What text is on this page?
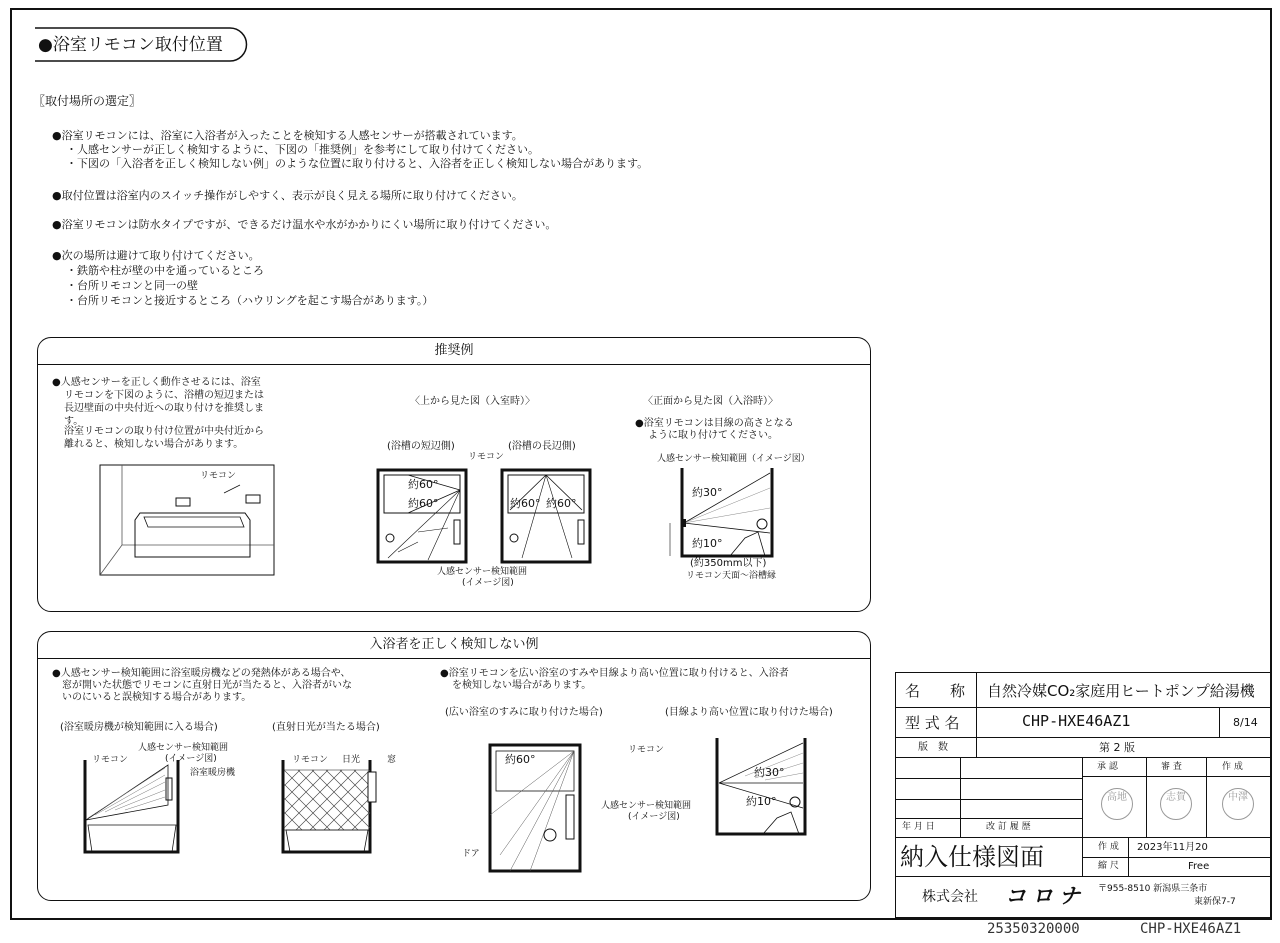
●浴室リモコン取付位置
〖取付場所の選定〗
●浴室リモコンには、浴室に入浴者が入ったことを検知する人感センサーが搭載されています。
・人感センサーが正しく検知するように、下図の「推奨例」を参考にして取り付けてください。
・下図の「入浴者を正しく検知しない例」のような位置に取り付けると、入浴者を正しく検知しない場合があります。
●取付位置は浴室内のスイッチ操作がしやすく、表示が良く見える場所に取り付けてください。
●浴室リモコンは防水タイプですが、できるだけ温水や水がかかりにくい場所に取り付けてください。
●次の場所は避けて取り付けてください。
・鉄筋や柱が壁の中を通っているところ
・台所リモコンと同一の壁
・台所リモコンと接近するところ（ハウリングを起こす場合があります。）
推奨例
●人感センサーを正しく動作させるには、浴室
リモコンを下図のように、浴槽の短辺または
長辺壁面の中央付近への取り付けを推奨しま
す。
浴室リモコンの取り付け位置が中央付近から
離れると、検知しない場合があります。
リモコン
〈上から見た図（入室時）〉
(浴槽の短辺側)	(浴槽の長辺側)
リモコン
約60°
約60°	約60° 約60°
人感センサー検知範囲
(イメージ図)
〈正面から見た図（入浴時）〉
●浴室リモコンは目線の高さとなる
ように取り付けてください。
人感センサー検知範囲（イメージ図）
約30°
約10°
(約350mm以下)
リモコン天面～浴槽縁
入浴者を正しく検知しない例
●人感センサー検知範囲に浴室暖房機などの発熱体がある場合や、
窓が開いた状態でリモコンに直射日光が当たると、入浴者がいな
いのにいると誤検知する場合があります。
(浴室暖房機が検知範囲に入る場合)	(直射日光が当たる場合)
リモコン
人感センサー検知範囲
(イメージ図)
浴室暖房機
リモコン 日光	窓
●浴室リモコンを広い浴室のすみや目線より高い位置に取り付けると、入浴者
を検知しない場合があります。
(広い浴室のすみに取り付けた場合)	(目線より高い位置に取り付けた場合)
約60°
リモコン
人感センサー検知範囲
(イメージ図)
ドア
約30°
約10°
名　　称 自然冷媒CO₂家庭用ヒートポンプ給湯機
型 式 名	CHP-HXE46AZ1	8/14
版　数	第 2 版
承 認	審 査	作 成
高地	志賀	中澤
年 月 日	改 訂 履 歴
納入仕様図面	作 成 2023年11月20
縮 尺	Free
株式会社 コロナ 〒955-8510 新潟県三条市
東新保7-7
25350320000	CHP-HXE46AZ1
